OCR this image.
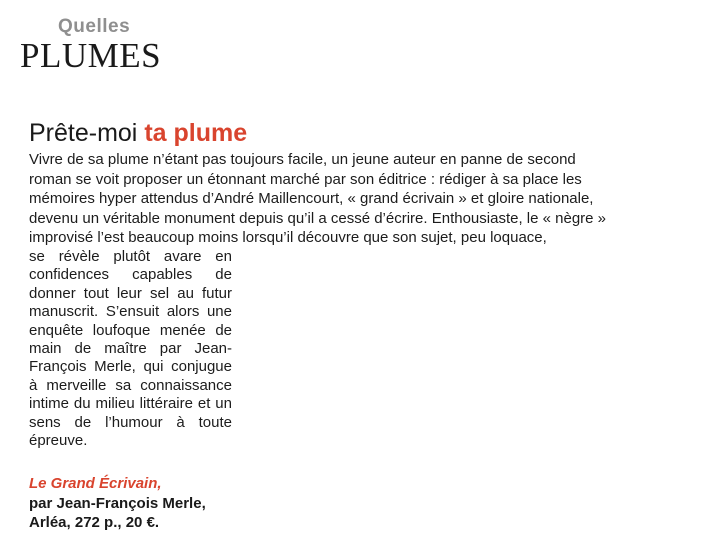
Quelles
PLUMES
Prête-moi ta plume
Vivre de sa plume n’étant pas toujours facile, un jeune auteur en panne de second
roman se voit proposer un étonnant marché par son éditrice : rédiger à sa place les
mémoires hyper attendus d’André Maillencourt, « grand écrivain » et gloire nationale,
devenu un véritable monument depuis qu’il a cessé d’écrire. Enthousiaste, le « nègre »
improvisé l’est beaucoup moins lorsqu’il découvre que son sujet, peu loquace,
se révèle plutôt avare en confidences capables de donner tout leur sel au futur manuscrit. S’ensuit alors une enquête loufoque menée de main de maître par Jean-François Merle, qui conjugue à merveille sa connaissance intime du milieu littéraire et un sens de l’humour à toute épreuve.
Le Grand Écrivain,
par Jean-François Merle,
Arléa, 272 p., 20 €.
